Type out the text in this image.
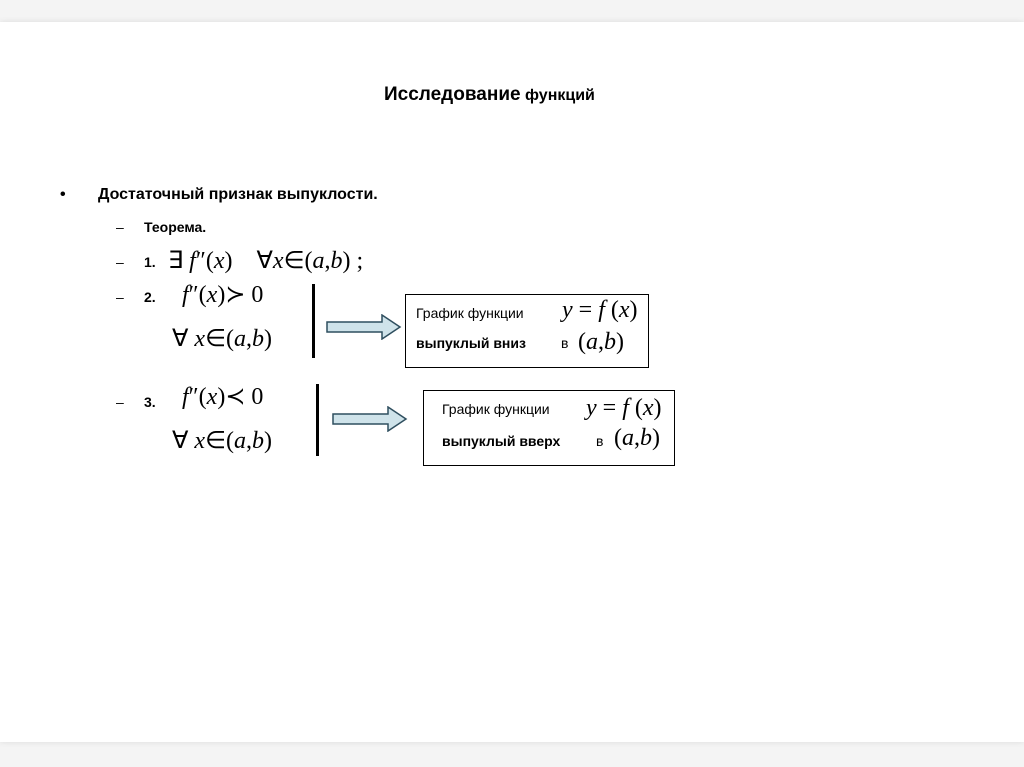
Исследование функций
• Достаточный признак выпуклости.
– Теорема.
– 1. ∃ f″(x)    ∀x∈(a,b) ;
– 2. f″(x)≻ 0
∀ x∈(a,b)
График функции y = f (x)
выпуклый вниз	в (a,b)
– 3. f″(x)≺ 0
∀ x∈(a,b)
График функции y = f (x)
выпуклый вверх	в (a,b)
